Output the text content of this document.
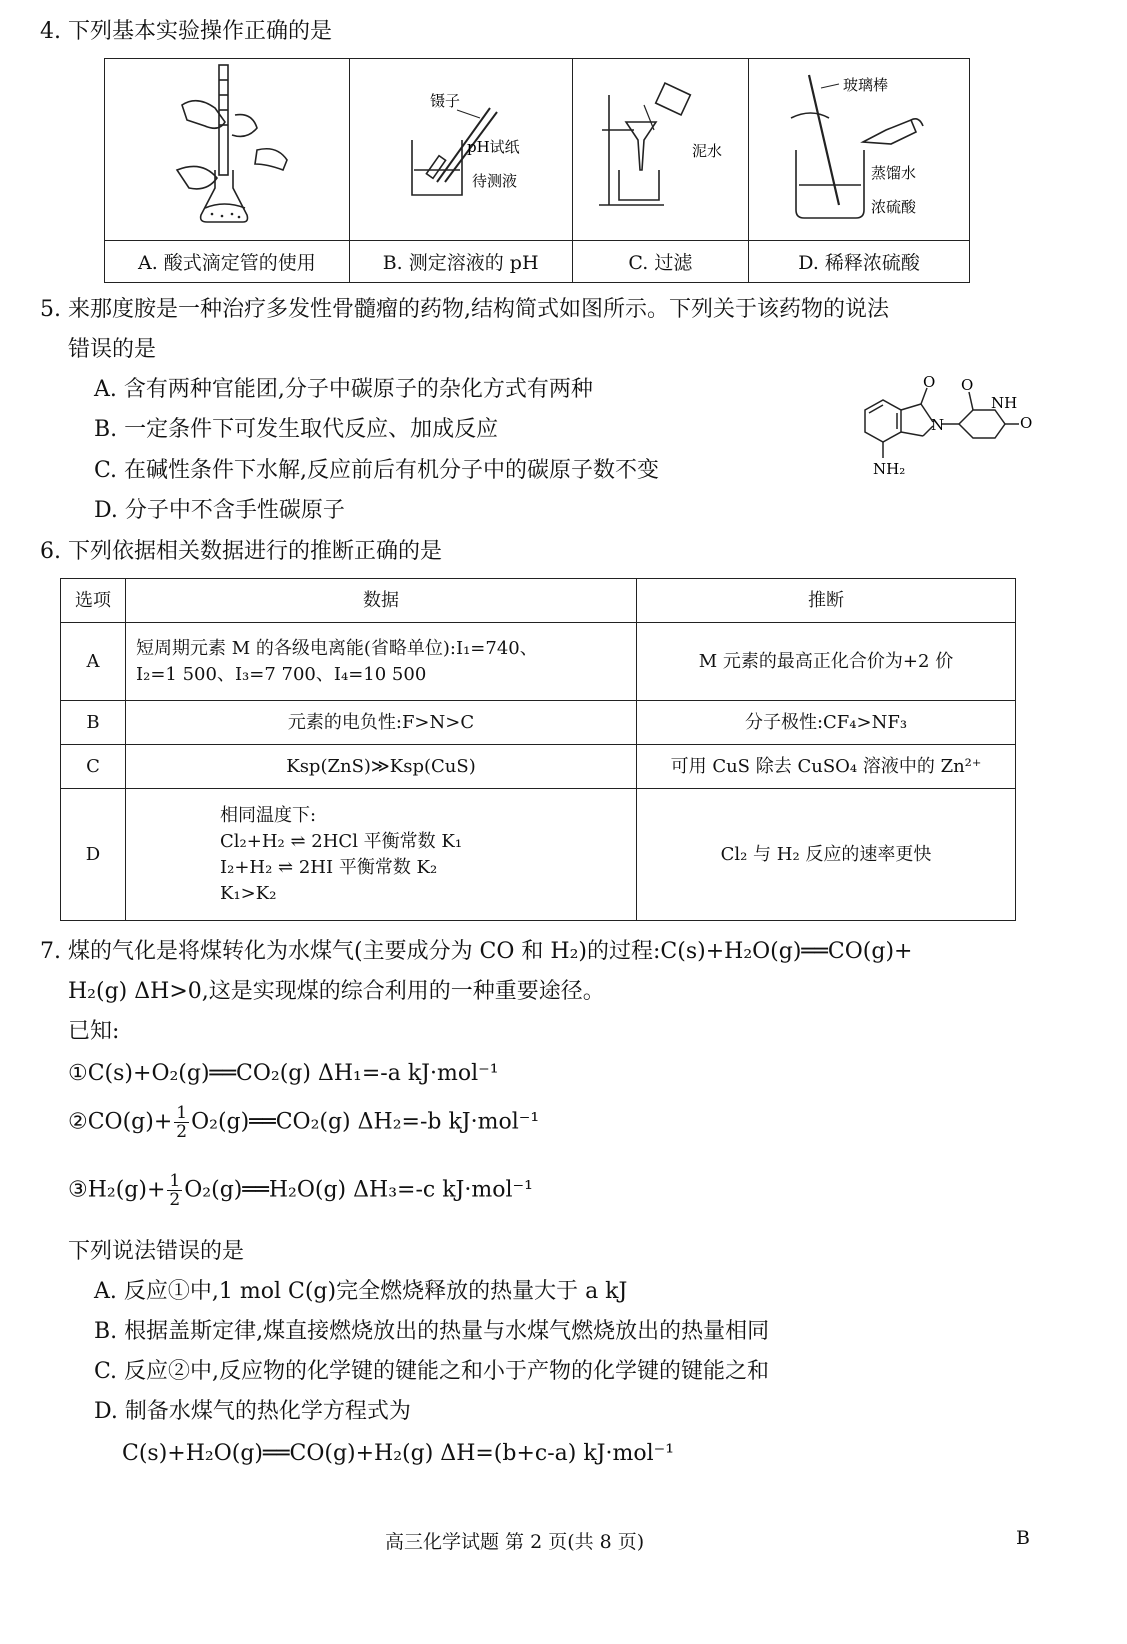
4. 下列基本实验操作正确的是

镊子
pH试纸
待测液	泥水	玻璃棒
蒸馏水
浓硫酸

A. 酸式滴定管的使用	B. 测定溶液的 pH	C. 过滤	D. 稀释浓硫酸
5. 来那度胺是一种治疗多发性骨髓瘤的药物,结构简式如图所示。下列关于该药物的说法
错误的是
A. 含有两种官能团,分子中碳原子的杂化方式有两种
B. 一定条件下可发生取代反应、加成反应
C. 在碱性条件下水解,反应前后有机分子中的碳原子数不变
D. 分子中不含手性碳原子
O O
NH
O
N
NH₂
6. 下列依据相关数据进行的推断正确的是
选项	数据	推断
A	短周期元素 M 的各级电离能(省略单位):I₁=740、
I₂=1 500、I₃=7 700、I₄=10 500	M 元素的最高正化合价为+2 价
B	元素的电负性:F>N>C	分子极性:CF₄>NF₃
C	Ksp(ZnS)≫Ksp(CuS)	可用 CuS 除去 CuSO₄ 溶液中的 Zn²⁺
D	相同温度下:
Cl₂+H₂ ⇌ 2HCl 平衡常数 K₁
I₂+H₂ ⇌ 2HI 平衡常数 K₂
K₁>K₂	Cl₂ 与 H₂ 反应的速率更快
7. 煤的气化是将煤转化为水煤气(主要成分为 CO 和 H₂)的过程:C(s)+H₂O(g)══CO(g)+
H₂(g) ΔH>0,这是实现煤的综合利用的一种重要途径。
已知:
①C(s)+O₂(g)══CO₂(g) ΔH₁=-a kJ·mol⁻¹
②CO(g)+ $\frac{1}{2}$ O₂(g)══CO₂(g) ΔH₂=-b kJ·mol⁻¹
③H₂(g)+ $\frac{1}{2}$ O₂(g)══H₂O(g) ΔH₃=-c kJ·mol⁻¹
下列说法错误的是
A. 反应①中,1 mol C(g)完全燃烧释放的热量大于 a kJ
B. 根据盖斯定律,煤直接燃烧放出的热量与水煤气燃烧放出的热量相同
C. 反应②中,反应物的化学键的键能之和小于产物的化学键的键能之和
D. 制备水煤气的热化学方程式为
C(s)+H₂O(g)══CO(g)+H₂(g) ΔH=(b+c-a) kJ·mol⁻¹
高三化学试题 第 2 页(共 8 页)	B
